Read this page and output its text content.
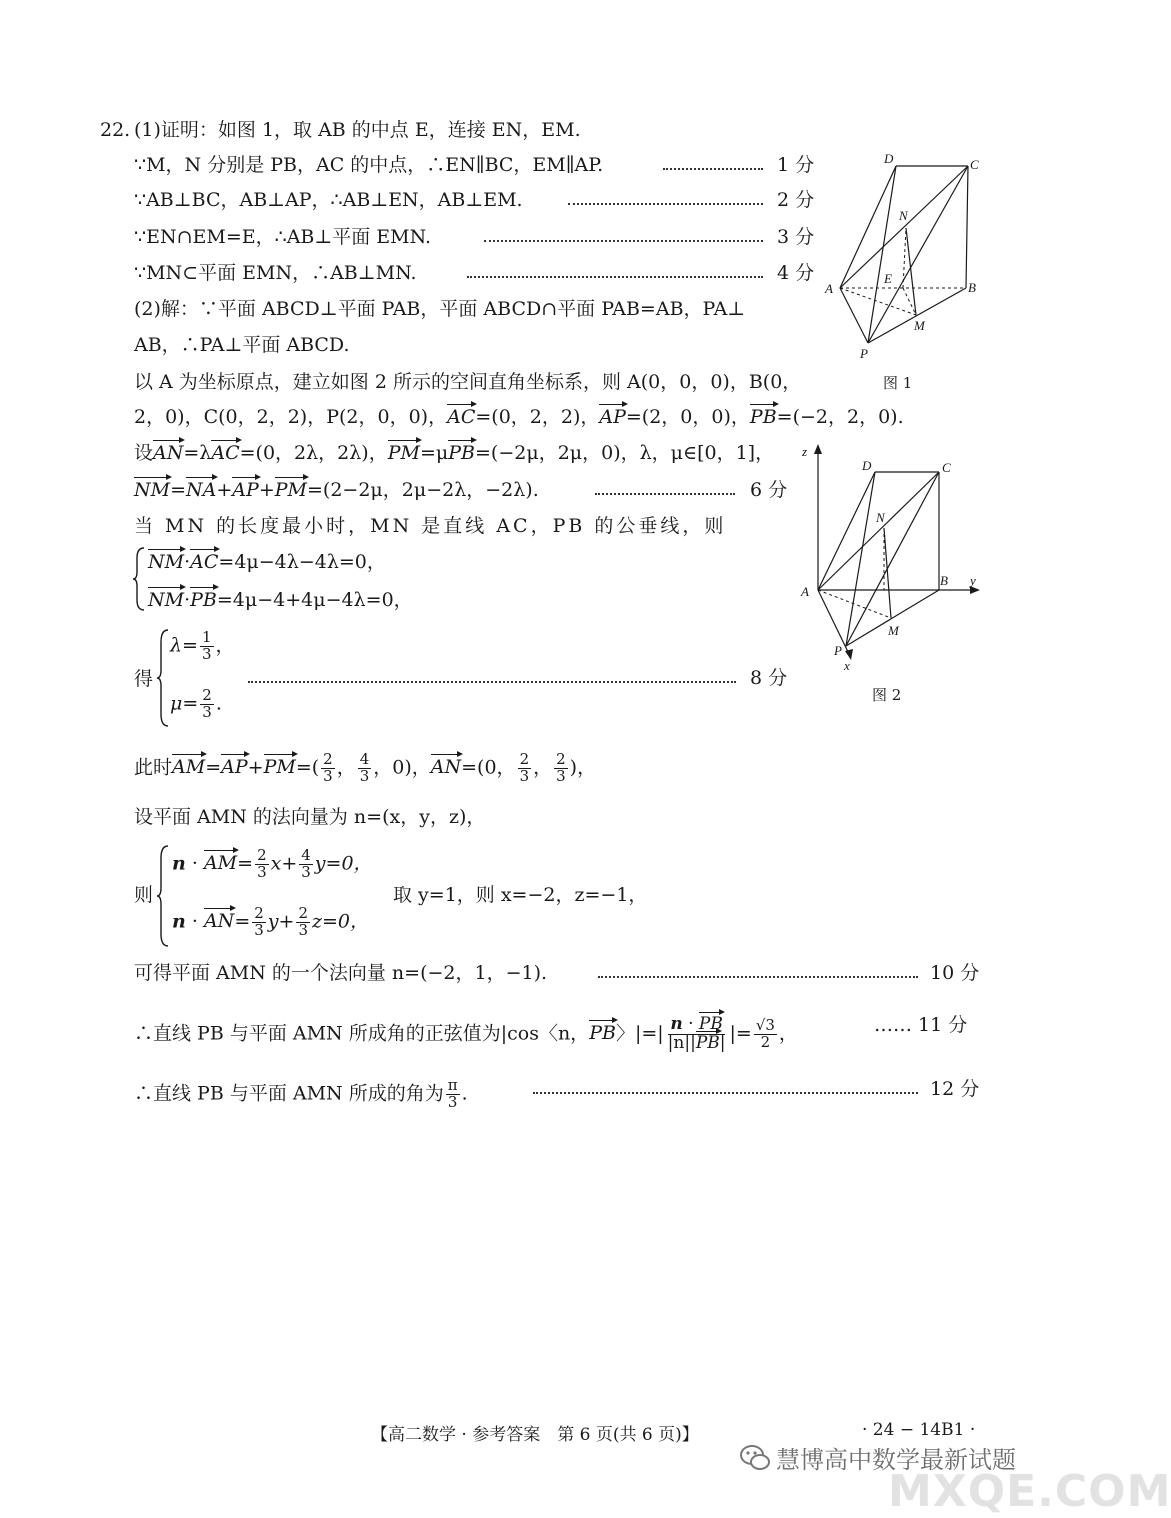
22. (1)证明：如图 1，取 AB 的中点 E，连接 EN，EM.
∵M，N 分别是 PB，AC 的中点，∴EN∥BC，EM∥AP.	1 分
∵AB⊥BC，AB⊥AP，∴AB⊥EN，AB⊥EM.	2 分
∵EN∩EM=E，∴AB⊥平面 EMN.	3 分
∵MN⊂平面 EMN，∴AB⊥MN.	4 分
(2)解：∵平面 ABCD⊥平面 PAB，平面 ABCD∩平面 PAB=AB，PA⊥
AB，∴PA⊥平面 ABCD.
以 A 为坐标原点，建立如图 2 所示的空间直角坐标系，则 A(0，0，0)，B(0，
2，0)，C(0，2，2)，P(2，0，0)，AC=(0，2，2)，AP=(2，0，0)，PB=(−2，2，0).
设AN=λAC=(0，2λ，2λ)，PM=μPB=(−2μ，2μ，0)，λ，μ∈[0，1]，
NM=NA+AP+PM=(2−2μ，2μ−2λ，−2λ).	6 分
当 MN 的长度最小时，MN 是直线 AC，PB 的公垂线，则
NM·AC=4μ−4λ−4λ=0，
NM·PB=4μ−4+4μ−4λ=0，
得
$\lambda= \frac{1}{3}$ ，
$\mu= \frac{2}{3}$ .
8 分
此时$AM=AP+PM=( \frac{2}{3}$ ， $\frac{4}{3}$ ，0)，AN=(0， $\frac{2}{3}$ ， $\frac{2}{3}$ )，
设平面 AMN 的法向量为 n=(x，y，z)，
则
$n \cdot AM= \frac{2}{3} x+ \frac{4}{3} y=0$，
$n \cdot AN= \frac{2}{3} y+ \frac{2}{3} z=0$，
取 y=1，则 x=−2，z=−1，
可得平面 AMN 的一个法向量 n=(−2，1，−1).	10 分
∴直线 PB 与平面 AMN 所成角的正弦值为|cos〈n，PB〉|=| $\frac{n \cdot PB}{|n||PB|}$ |= $\frac{√3}{2}$ ，	…… 11 分
∴直线 PB 与平面 AMN 所成的角为 $\frac{\pi}{3}$ .	12 分
D	C
N
E
A	B
M
P
图 1
z
D	C
N
A
B y
M
P
x
图 2
【高二数学 · 参考答案　第 6 页(共 6 页)】	· 24 − 14B1 ·
慧博高中数学最新试题
MXQE.COM
